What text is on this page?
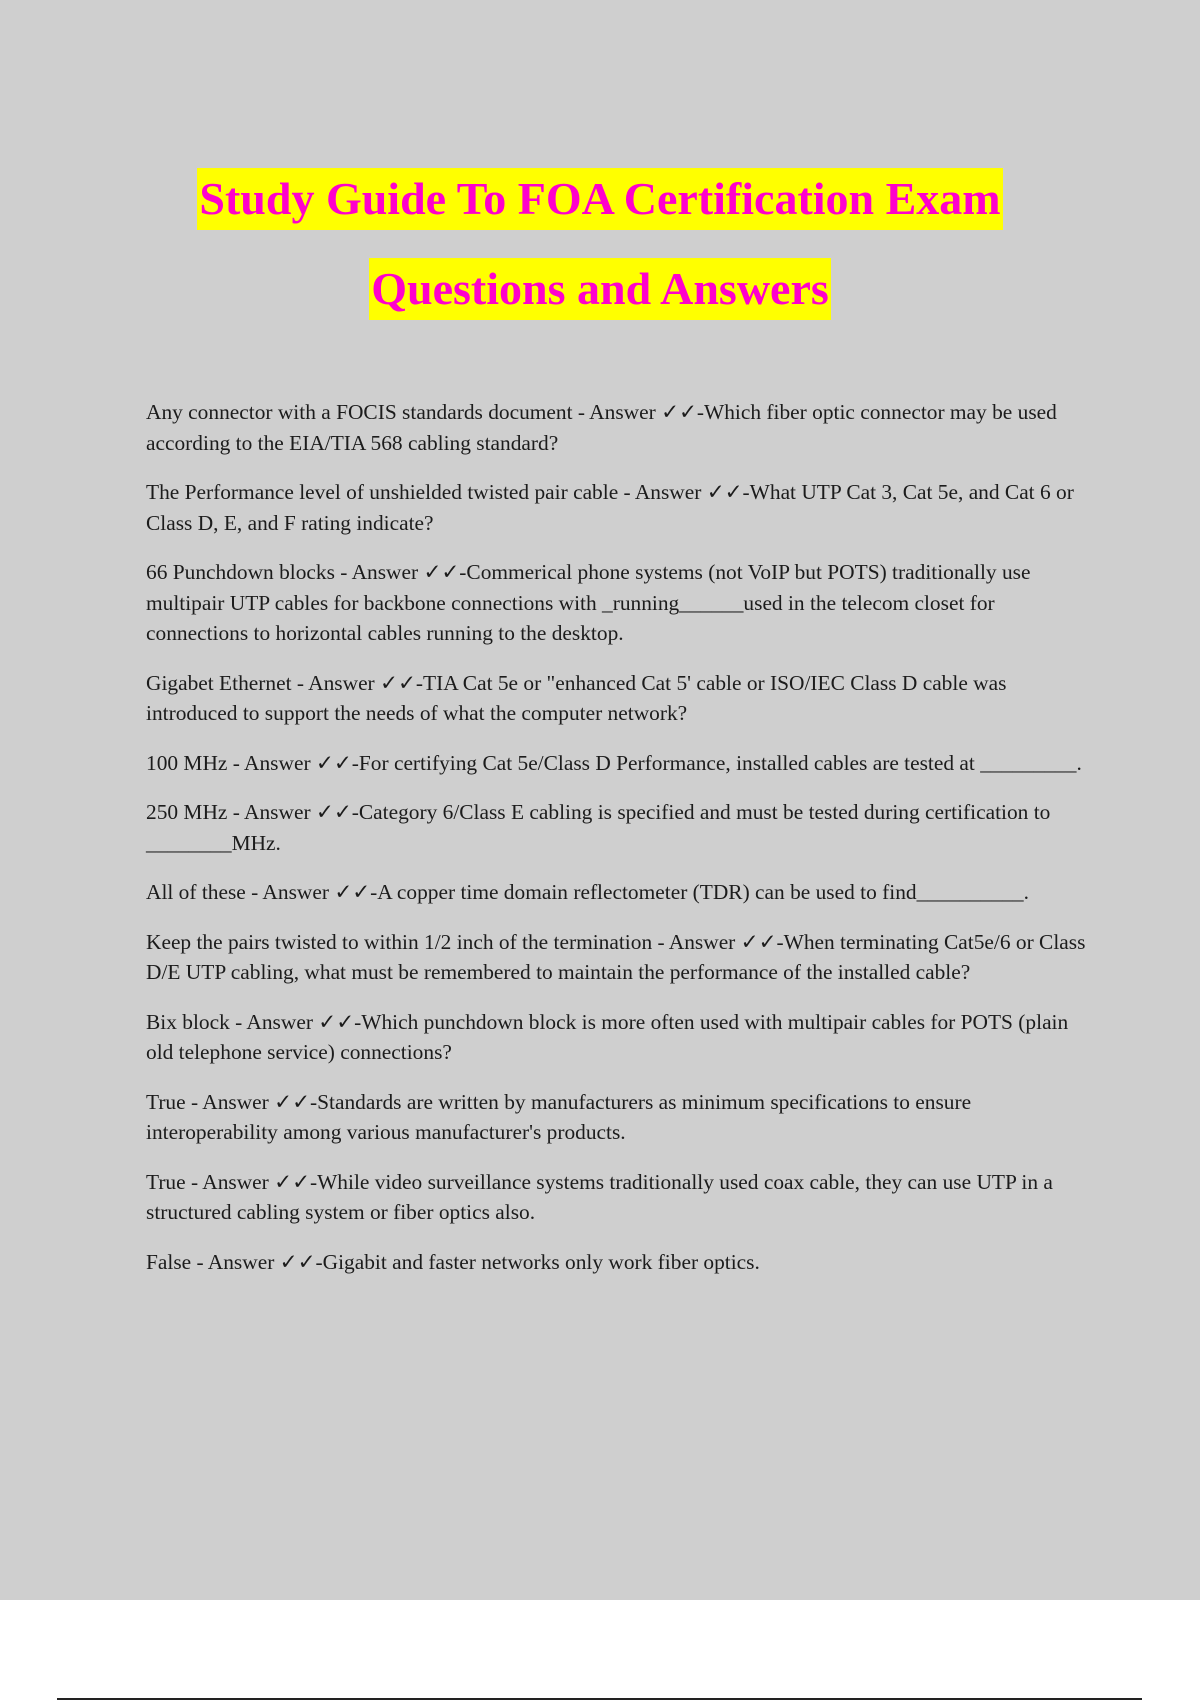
Study Guide To FOA Certification Exam
Questions and Answers

Any connector with a FOCIS standards document - Answer ✓✓-Which fiber optic connector may be used according to the EIA/TIA 568 cabling standard?

The Performance level of unshielded twisted pair cable - Answer ✓✓-What UTP Cat 3, Cat 5e, and Cat 6 or Class D, E, and F rating indicate?

66 Punchdown blocks - Answer ✓✓-Commerical phone systems (not VoIP but POTS) traditionally use multipair UTP cables for backbone connections with _running______used in the telecom closet for connections to horizontal cables running to the desktop.

Gigabet Ethernet - Answer ✓✓-TIA Cat 5e or "enhanced Cat 5' cable or ISO/IEC Class D cable was introduced to support the needs of what the computer network?

100 MHz - Answer ✓✓-For certifying Cat 5e/Class D Performance, installed cables are tested at _________.

250 MHz - Answer ✓✓-Category 6/Class E cabling is specified and must be tested during certification to ________MHz.

All of these - Answer ✓✓-A copper time domain reflectometer (TDR) can be used to find__________.

Keep the pairs twisted to within 1/2 inch of the termination - Answer ✓✓-When terminating Cat5e/6 or Class D/E UTP cabling, what must be remembered to maintain the performance of the installed cable?

Bix block - Answer ✓✓-Which punchdown block is more often used with multipair cables for POTS (plain old telephone service) connections?

True - Answer ✓✓-Standards are written by manufacturers as minimum specifications to ensure interoperability among various manufacturer's products.

True - Answer ✓✓-While video surveillance systems traditionally used coax cable, they can use UTP in a structured cabling system or fiber optics also.

False - Answer ✓✓-Gigabit and faster networks only work fiber optics.
